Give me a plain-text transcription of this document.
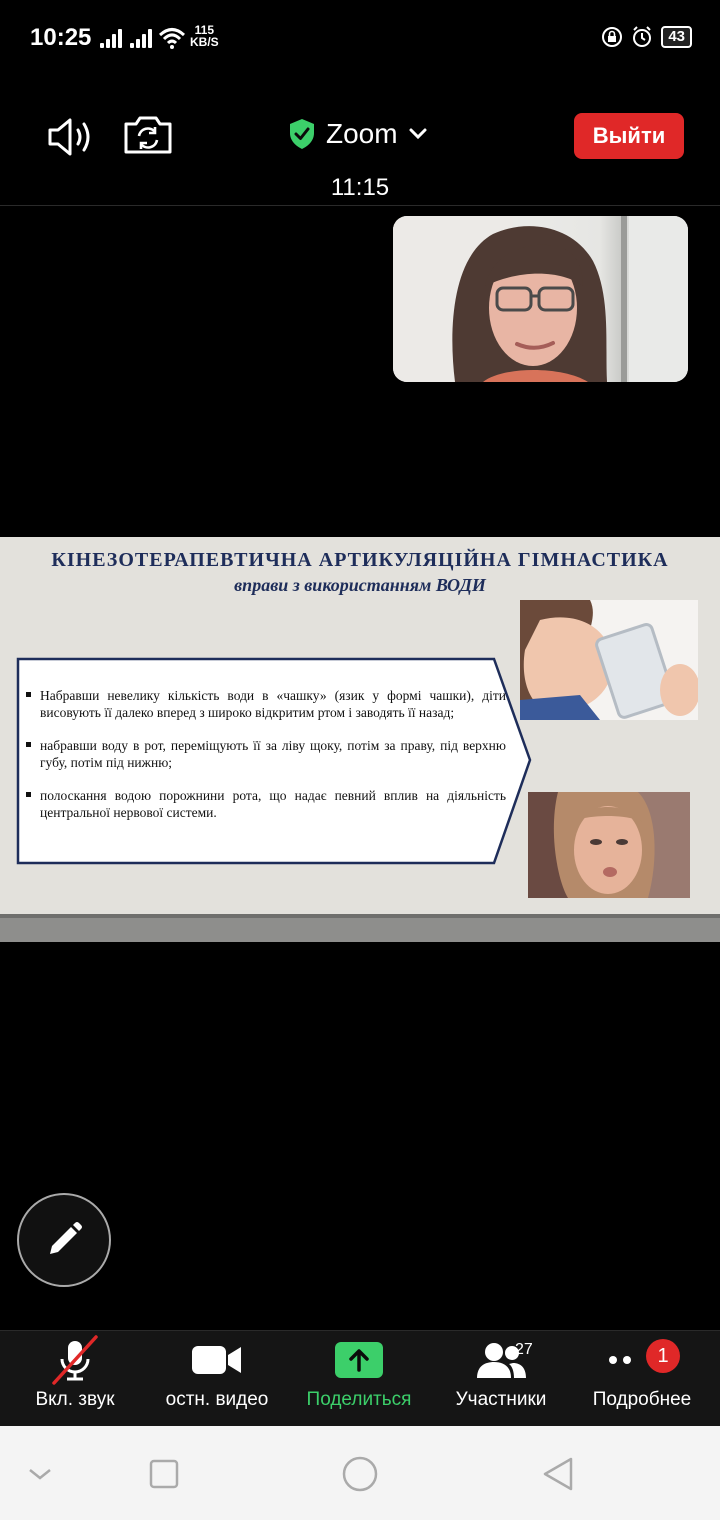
10:25	115
KB/S	43
Zoom	Выйти
11:15
КІНЕЗОТЕРАПЕВТИЧНА АРТИКУЛЯЦІЙНА ГІМНАСТИКА
вправи з використанням ВОДИ
Набравши невелику кількість води в «чашку» (язик у формі чашки), діти висовують її далеко вперед з широко відкритим ртом і заводять її назад;
набравши воду в рот, переміщують її за ліву щоку, потім за праву, під верхню губу, потім під нижню;
полоскання водою порожнини рота, що надає певний вплив на діяльність центральної нервової системи.
Вкл. звук	остн. видео Поделиться
27
Участники
1
Подробнее
